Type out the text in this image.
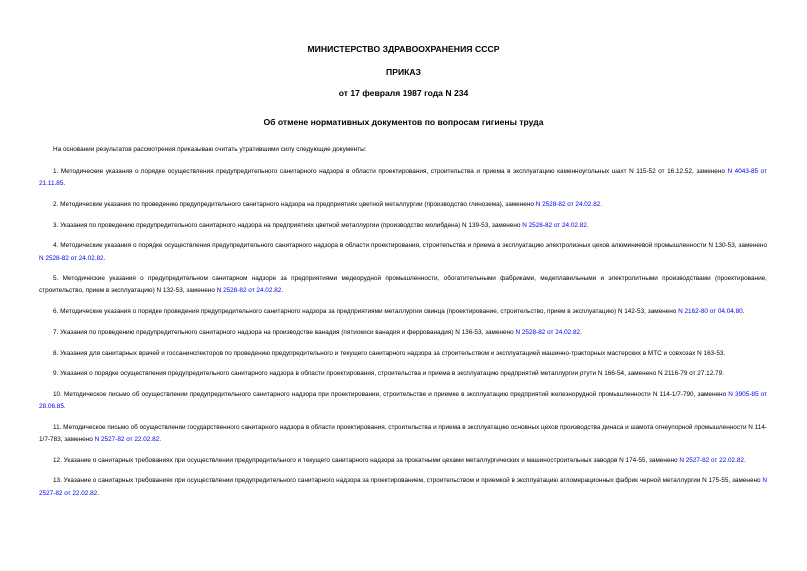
МИНИСТЕРСТВО ЗДРАВООХРАНЕНИЯ СССР
ПРИКАЗ
от 17 февраля 1987 года N 234
Об отмене нормативных документов по вопросам гигиены труда
На основании результатов рассмотрения приказываю считать утратившими силу следующие документы:

1. Методические указания о порядке осуществления предупредительного санитарного надзора в области проектирования, строительства и приема в эксплуатацию каменноугольных шахт N 115-52 от 16.12.52, заменено N 4043-85 от 21.11.85.

2. Методические указания по проведению предупредительного санитарного надзора на предприятиях цветной металлургии (производство глинозема), заменено N 2528-82 от 24.02.82.

3. Указания по проведению предупредительного санитарного надзора на предприятиях цветной металлургии (производство молибдена) N 139-53, заменено N 2528-82 от 24.02.82.

4. Методические указания о порядке осуществления предупредительного санитарного надзора в области проектирования, строительства и приема в эксплуатацию электролизных цехов алюминиевой промышленности N 130-53, заменено N 2528-82 от 24.02.82.

5. Методические указания о предупредительном санитарном надзоре за предприятиями медеорудной промышленности, обогатительными фабриками, медеплавильными и электролитными производствами (проектирование, строительство, прием в эксплуатацию) N 132-53, заменено N 2528-82 от 24.02.82.

6. Методические указания о порядке проведения предупредительного санитарного надзора за предприятиями металлургии свинца (проектирование, строительство, прием в эксплуатацию) N 142-53, заменено N 2162-80 от 04.04.80.

7. Указания по проведению предупредительного санитарного надзора на производстве ванадия (пятиокиси ванадия и феррованадия) N 136-53, заменено N 2528-82 от 24.02.82.

8. Указания для санитарных врачей и госсанинспекторов по проведению предупредительного и текущего санитарного надзора за строительством и эксплуатацией машинно-тракторных мастерских в МТС и совхозах N 163-53.

9. Указания о порядке осуществления предупредительного санитарного надзора в области проектирования, строительства и приема в эксплуатацию предприятий металлургии ртути N 166-54, заменено N 2116-79 от 27.12.79.

10. Методическое письмо об осуществлении предупредительного санитарного надзора при проектировании, строительстве и приемке в эксплуатацию предприятий железнорудной промышленности N 114-1/7-790, заменено N 3905-85 от 28.06.85.

11. Методическое письмо об осуществлении государственного санитарного надзора в области проектирования, строительства и приема в эксплуатацию основных цехов производства динаса и шамота огнеупорной промышленности N 114-1/7-783, заменено N 2527-82 от 22.02.82.

12. Указание о санитарных требованиях при осуществлении предупредительного и текущего санитарного надзора за прокатными цехами металлургических и машиностроительных заводов N 174-55, заменено N 2527-82 от 22.02.82.

13. Указание о санитарных требованиях при осуществлении предупредительного санитарного надзора за проектированием, строительством и приемкой в эксплуатацию агломерационных фабрик черной металлургии N 175-55, заменено N 2527-82 от 22.02.82.
